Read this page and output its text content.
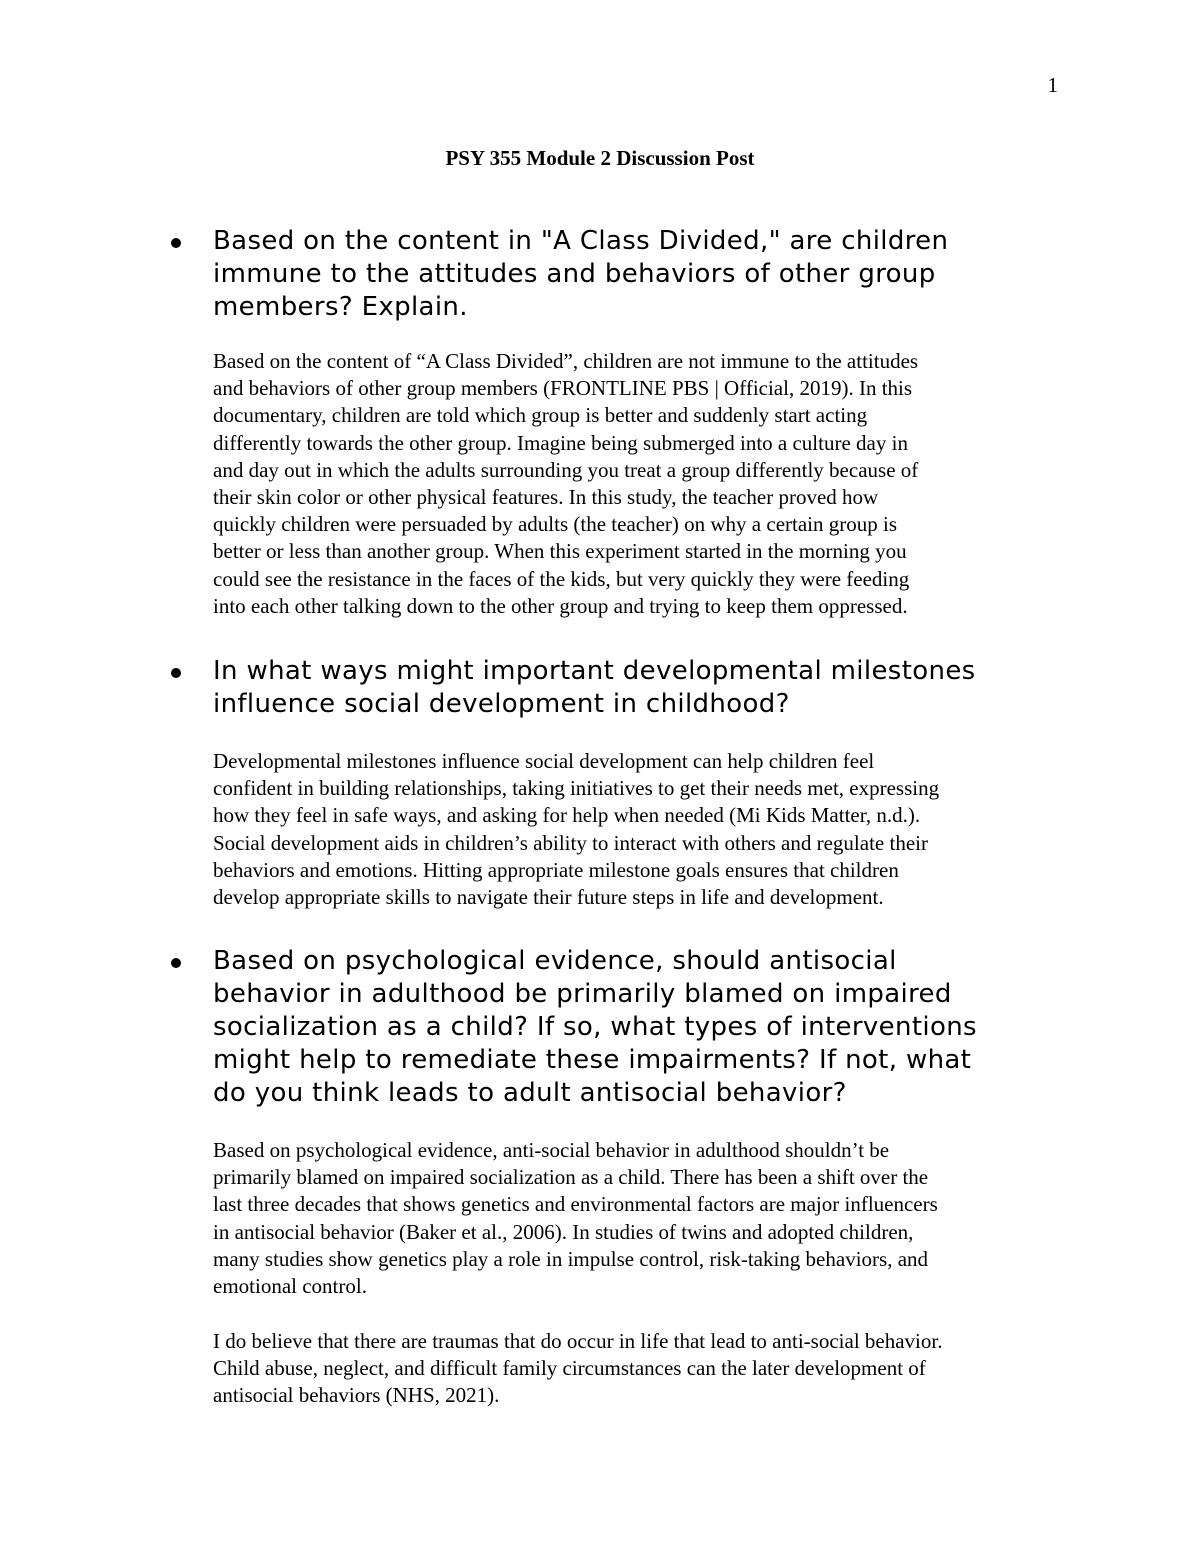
1
PSY 355 Module 2 Discussion Post
Based on the content in "A Class Divided," are children
immune to the attitudes and behaviors of other group
members? Explain.

Based on the content of “A Class Divided”, children are not immune to the attitudes
and behaviors of other group members (FRONTLINE PBS | Official, 2019). In this
documentary, children are told which group is better and suddenly start acting
differently towards the other group. Imagine being submerged into a culture day in
and day out in which the adults surrounding you treat a group differently because of
their skin color or other physical features. In this study, the teacher proved how
quickly children were persuaded by adults (the teacher) on why a certain group is
better or less than another group. When this experiment started in the morning you
could see the resistance in the faces of the kids, but very quickly they were feeding
into each other talking down to the other group and trying to keep them oppressed.

In what ways might important developmental milestones
influence social development in childhood?

Developmental milestones influence social development can help children feel
confident in building relationships, taking initiatives to get their needs met, expressing
how they feel in safe ways, and asking for help when needed (Mi Kids Matter, n.d.).
Social development aids in children’s ability to interact with others and regulate their
behaviors and emotions. Hitting appropriate milestone goals ensures that children
develop appropriate skills to navigate their future steps in life and development.

Based on psychological evidence, should antisocial
behavior in adulthood be primarily blamed on impaired
socialization as a child? If so, what types of interventions
might help to remediate these impairments? If not, what
do you think leads to adult antisocial behavior?

Based on psychological evidence, anti-social behavior in adulthood shouldn’t be
primarily blamed on impaired socialization as a child. There has been a shift over the
last three decades that shows genetics and environmental factors are major influencers
in antisocial behavior (Baker et al., 2006). In studies of twins and adopted children,
many studies show genetics play a role in impulse control, risk-taking behaviors, and
emotional control.

I do believe that there are traumas that do occur in life that lead to anti-social behavior.
Child abuse, neglect, and difficult family circumstances can the later development of
antisocial behaviors (NHS, 2021).
